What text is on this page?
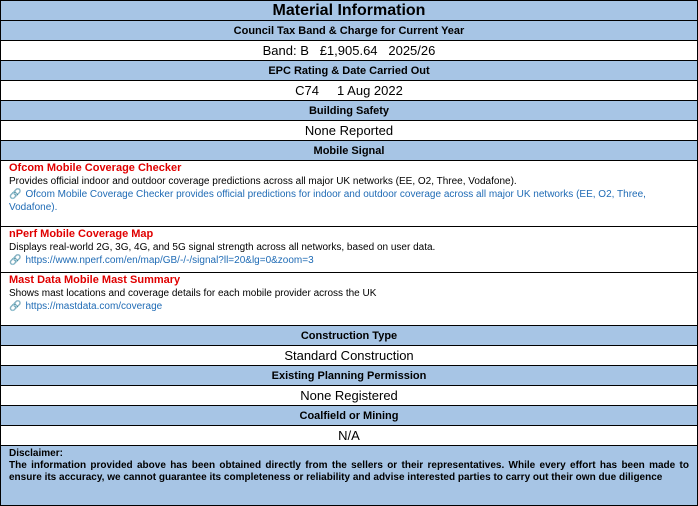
Material Information
Council Tax Band & Charge for Current Year
Band: B   £1,905.64   2025/26
EPC Rating & Date Carried Out
C74     1 Aug 2022
Building Safety
None Reported
Mobile Signal
Ofcom Mobile Coverage Checker
Provides official indoor and outdoor coverage predictions across all major UK networks (EE, O2, Three, Vodafone).
🔗 Ofcom Mobile Coverage Checker provides official predictions for indoor and outdoor coverage across all major UK networks (EE, O2, Three, Vodafone).
nPerf Mobile Coverage Map
Displays real-world 2G, 3G, 4G, and 5G signal strength across all networks, based on user data.
🔗 https://www.nperf.com/en/map/GB/-/-/signal?ll=20&lg=0&zoom=3
Mast Data Mobile Mast Summary
Shows mast locations and coverage details for each mobile provider across the UK
🔗 https://mastdata.com/coverage
Construction Type
Standard Construction
Existing Planning Permission
None Registered
Coalfield or Mining
N/A
Disclaimer:
The information provided above has been obtained directly from the sellers or their representatives. While every effort has been made to ensure its accuracy, we cannot guarantee its completeness or reliability and advise interested parties to carry out their own due diligence
